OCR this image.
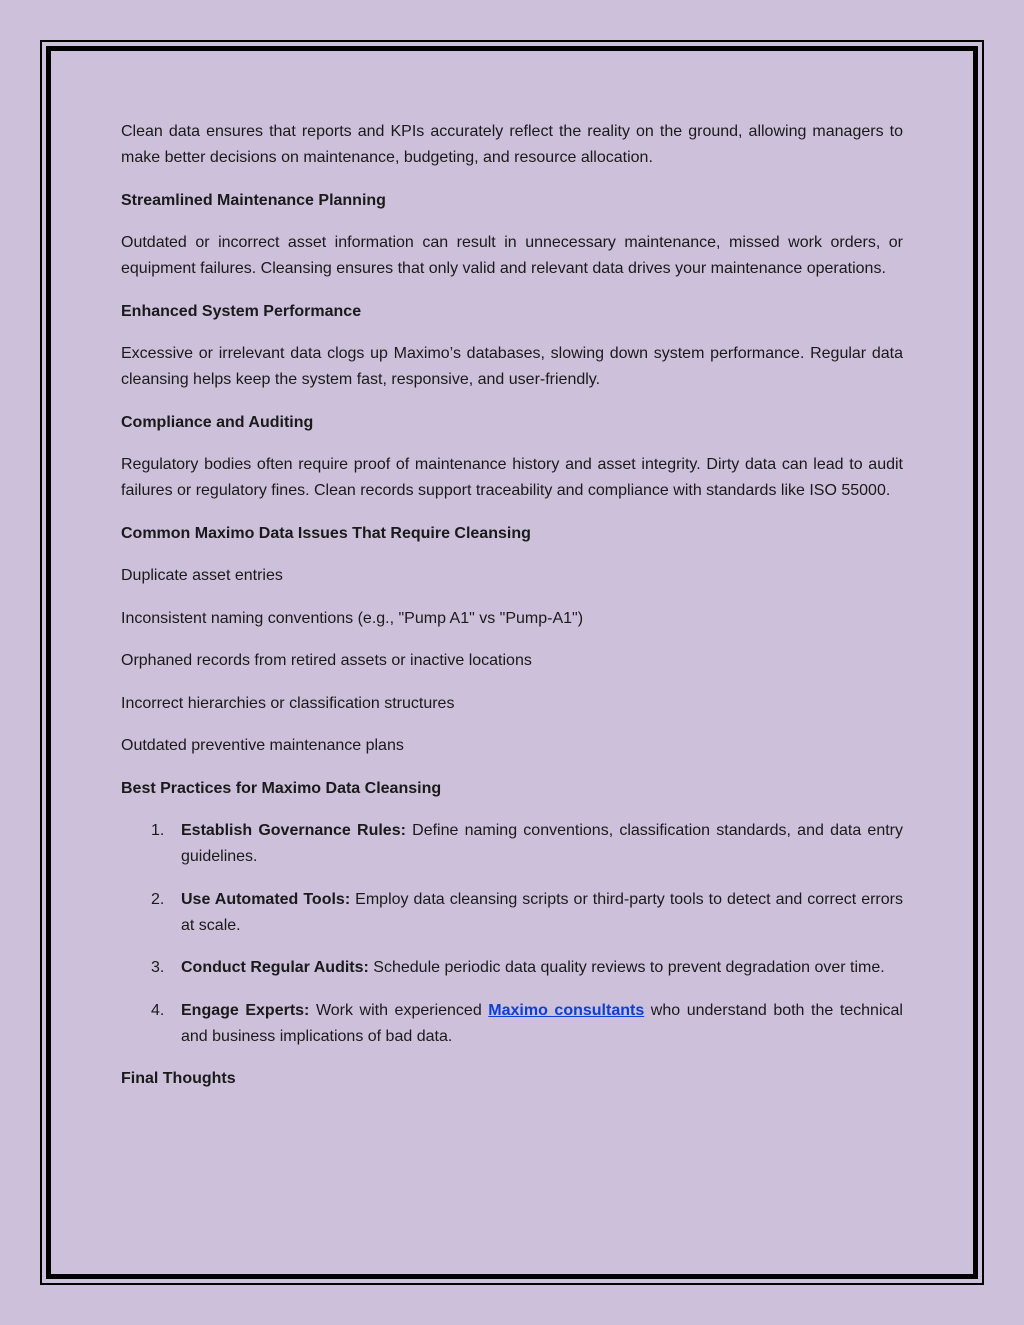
Clean data ensures that reports and KPIs accurately reflect the reality on the ground, allowing managers to make better decisions on maintenance, budgeting, and resource allocation.

Streamlined Maintenance Planning

Outdated or incorrect asset information can result in unnecessary maintenance, missed work orders, or equipment failures. Cleansing ensures that only valid and relevant data drives your maintenance operations.

Enhanced System Performance

Excessive or irrelevant data clogs up Maximo’s databases, slowing down system performance. Regular data cleansing helps keep the system fast, responsive, and user-friendly.

Compliance and Auditing

Regulatory bodies often require proof of maintenance history and asset integrity. Dirty data can lead to audit failures or regulatory fines. Clean records support traceability and compliance with standards like ISO 55000.

Common Maximo Data Issues That Require Cleansing

Duplicate asset entries

Inconsistent naming conventions (e.g., "Pump A1" vs "Pump-A1")

Orphaned records from retired assets or inactive locations

Incorrect hierarchies or classification structures

Outdated preventive maintenance plans

Best Practices for Maximo Data Cleansing

1. Establish Governance Rules: Define naming conventions, classification standards, and data entry guidelines.
2. Use Automated Tools: Employ data cleansing scripts or third-party tools to detect and correct errors at scale.
3. Conduct Regular Audits: Schedule periodic data quality reviews to prevent degradation over time.
4. Engage Experts: Work with experienced Maximo consultants who understand both the technical and business implications of bad data.

Final Thoughts
